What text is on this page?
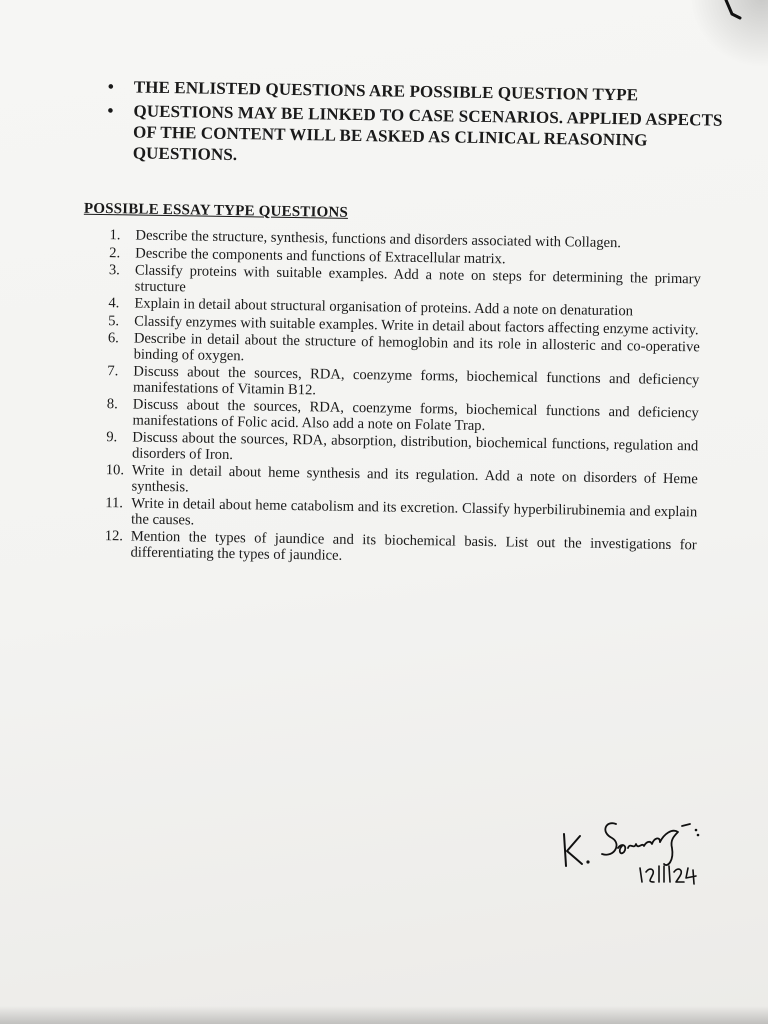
• THE ENLISTED QUESTIONS ARE POSSIBLE QUESTION TYPE
• QUESTIONS MAY BE LINKED TO CASE SCENARIOS. APPLIED ASPECTS OF THE CONTENT WILL BE ASKED AS CLINICAL REASONING QUESTIONS.
POSSIBLE ESSAY TYPE QUESTIONS
1. Describe the structure, synthesis, functions and disorders associated with Collagen.
2. Describe the components and functions of Extracellular matrix.
3. Classify proteins with suitable examples. Add a note on steps for determining the primary structure
4. Explain in detail about structural organisation of proteins. Add a note on denaturation
5. Classify enzymes with suitable examples. Write in detail about factors affecting enzyme activity.
6. Describe in detail about the structure of hemoglobin and its role in allosteric and co-operative binding of oxygen.
7. Discuss about the sources, RDA, coenzyme forms, biochemical functions and deficiency manifestations of Vitamin B12.
8. Discuss about the sources, RDA, coenzyme forms, biochemical functions and deficiency manifestations of Folic acid. Also add a note on Folate Trap.
9. Discuss about the sources, RDA, absorption, distribution, biochemical functions, regulation and disorders of Iron.
10. Write in detail about heme synthesis and its regulation. Add a note on disorders of Heme synthesis.
11. Write in detail about heme catabolism and its excretion. Classify hyperbilirubinemia and explain the causes.
12. Mention the types of jaundice and its biochemical basis. List out the investigations for differentiating the types of jaundice.
